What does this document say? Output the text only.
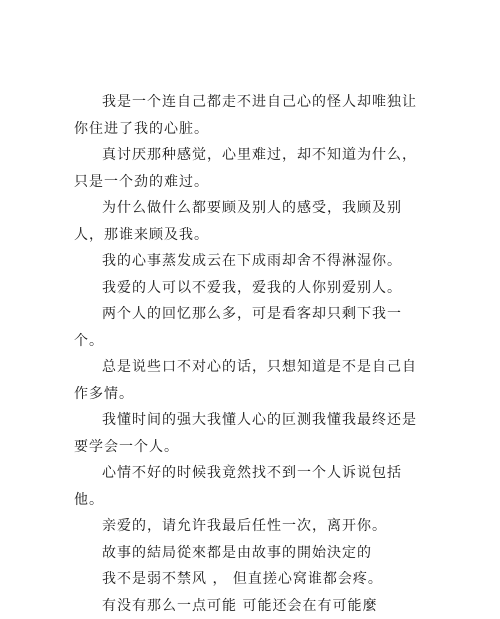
我是一个连自己都走不进自己心的怪人却唯独让你住进了我的心脏。

真讨厌那种感觉，心里难过，却不知道为什么，只是一个劲的难过。

为什么做什么都要顾及别人的感受，我顾及别人，那谁来顾及我。

我的心事蒸发成云在下成雨却舍不得淋湿你。

我爱的人可以不爱我，爱我的人你别爱别人。

两个人的回忆那么多，可是看客却只剩下我一个。

总是说些口不对心的话，只想知道是不是自己自作多情。

我懂时间的强大我懂人心的叵测我懂我最终还是要学会一个人。

心情不好的时候我竟然找不到一个人诉说包括他。

亲爱的，请允许我最后任性一次，离开你。

故事的結局從來都是由故事的開始決定的

我不是弱不禁风 ， 但直搓心窝谁都会疼。

有没有那么一点可能 可能还会在有可能麼
